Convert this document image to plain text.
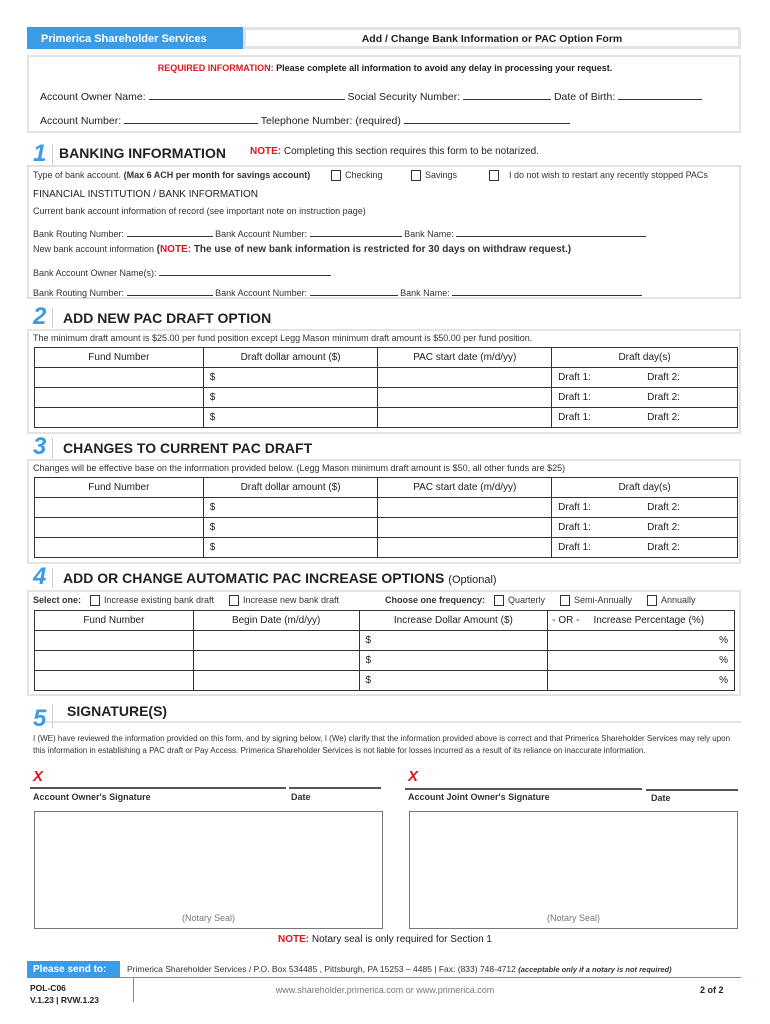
Primerica Shareholder Services	Add / Change Bank Information or PAC Option Form
REQUIRED INFORMATION: Please complete all information to avoid any delay in processing your request.
Account Owner Name:	Social Security Number:	Date of Birth:
Account Number:	Telephone Number: (required)
1 BANKING INFORMATION NOTE: Completing this section requires this form to be notarized.
Type of bank account. (Max 6 ACH per month for savings account)	Checking	Savings	I do not wish to restart any recently stopped PACs
FINANCIAL INSTITUTION / BANK INFORMATION
Current bank account information of record (see important note on instruction page)
Bank Routing Number:	Bank Account Number:	Bank Name:
New bank account information (NOTE: The use of new bank information is restricted for 30 days on withdraw request.)
Bank Account Owner Name(s):
Bank Routing Number:	Bank Account Number:	Bank Name:
2 ADD NEW PAC DRAFT OPTION
The minimum draft amount is $25.00 per fund position except Legg Mason minimum draft amount is $50.00 per fund position.
Fund Number	Draft dollar amount ($)	PAC start date (m/d/yy)	Draft day(s)
	$		Draft 1: Draft 2:
	$		Draft 1: Draft 2:
	$		Draft 1: Draft 2:
3 CHANGES TO CURRENT PAC DRAFT
Changes will be effective base on the information provided below. (Legg Mason minimum draft amount is $50, all other funds are $25)
Fund Number	Draft dollar amount ($)	PAC start date (m/d/yy)	Draft day(s)
	$		Draft 1: Draft 2:
	$		Draft 1: Draft 2:
	$		Draft 1: Draft 2:
4 ADD OR CHANGE AUTOMATIC PAC INCREASE OPTIONS (Optional)
Select one:	Increase existing bank draft	Increase new bank draft	Choose one frequency:	Quarterly	Semi-Annually	Annually
Fund Number	Begin Date (m/d/yy)	Increase Dollar Amount ($)	- OR - Increase Percentage (%)
		$	%
		$	%
		$	%
5 SIGNATURE(S)
I (WE) have reviewed the information provided on this form, and by signing below, I (We) clarify that the information provided above is correct and that Primerica Shareholder Services may rely upon this information in establishing a PAC draft or Pay Access. Primerica Shareholder Services is not liable for losses incurred as a result of its reliance on inaccurate information.
X
Account Owner's Signature	Date
X
Account Joint Owner's Signature	Date
(Notary Seal)	(Notary Seal)
NOTE: Notary seal is only required for Section 1
Please send to:	Primerica Shareholder Services / P.O. Box 534485 , Pittsburgh, PA 15253 – 4485 | Fax: (833) 748-4712 (acceptable only if a notary is not required)
POL-C06
V.1.23 | RVW.1.23
www.shareholder.primerica.com or www.primerica.com	2 of 2
